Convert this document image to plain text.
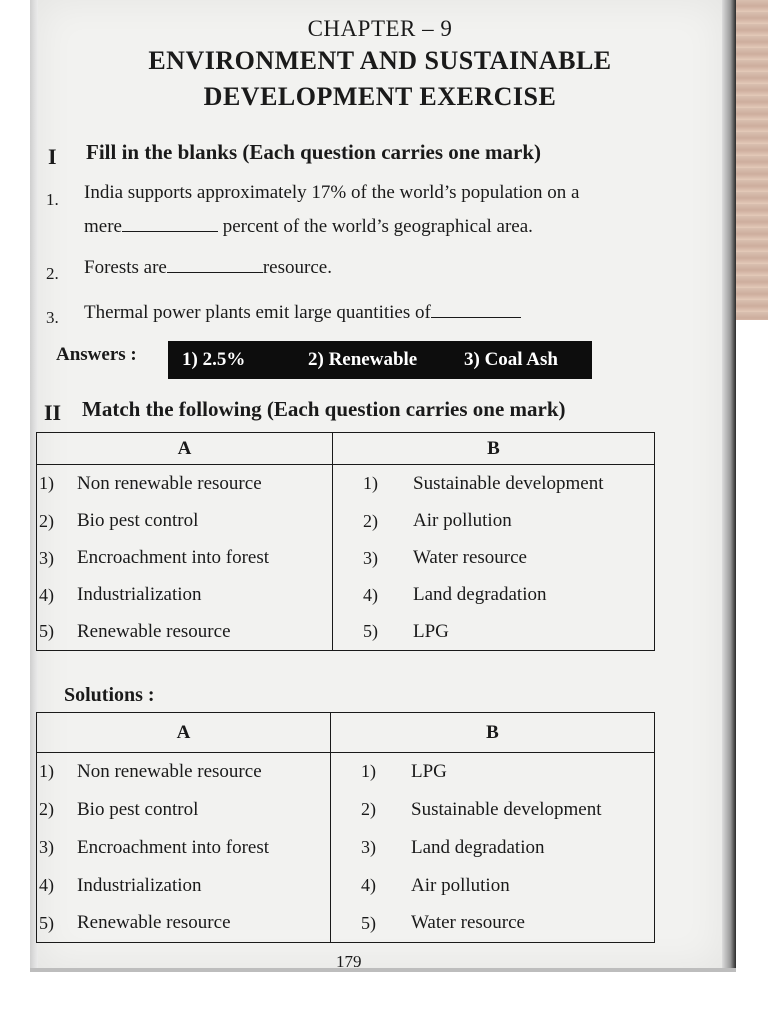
CHAPTER – 9
ENVIRONMENT AND SUSTAINABLE
DEVELOPMENT EXERCISE
I Fill in the blanks (Each question carries one mark)
1. India supports approximately 17% of the world’s population on a
mere	percent of the world’s geographical area.
2. Forests are	resource.
3. Thermal power plants emit large quantities of
Answers : 1) 2.5%	2) Renewable 3) Coal Ash
II Match the following (Each question carries one mark)
A	B

1) Non renewable resource	1) Sustainable development

2) Bio pest control	2) Air pollution

3) Encroachment into forest	3) Water resource

4) Industrialization	4) Land degradation

5) Renewable resource	5) LPG
Solutions :
A	B

1) Non renewable resource	1) LPG

2) Bio pest control	2) Sustainable development

3) Encroachment into forest	3) Land degradation

4) Industrialization	4) Air pollution

5) Renewable resource	5) Water resource
179
